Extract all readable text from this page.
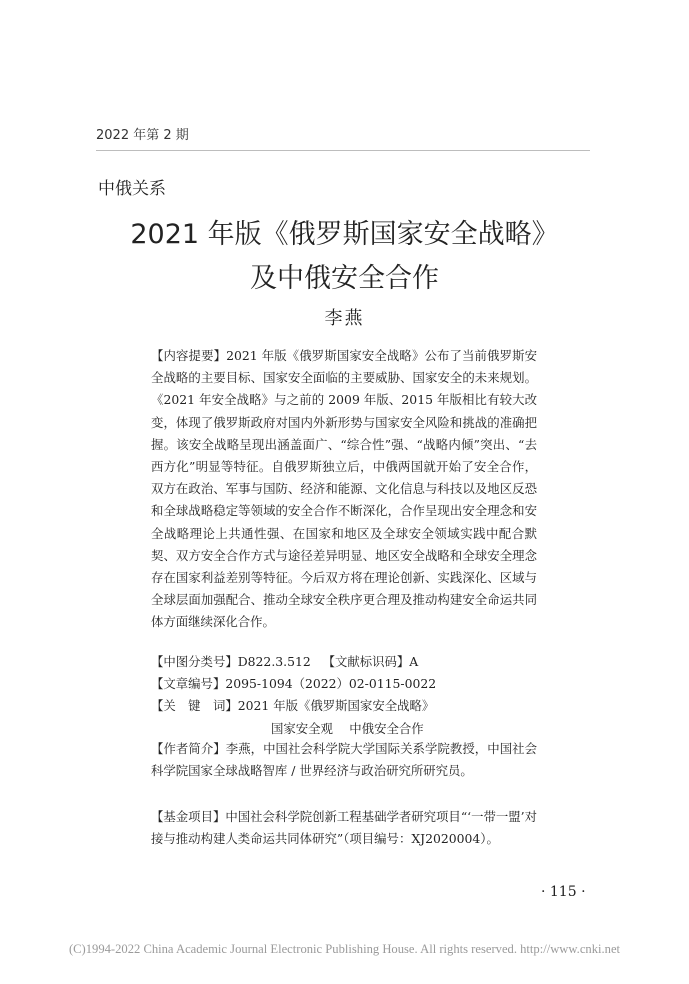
2022 年第 2 期
中俄关系
2021 年版《俄罗斯国家安全战略》
及中俄安全合作
李燕

【内容提要】2021 年版《俄罗斯国家安全战略》公布了当前俄罗斯安全战略的主要目标、国家安全面临的主要威胁、国家安全的未来规划。《2021 年安全战略》与之前的 2009 年版、2015 年版相比有较大改变，体现了俄罗斯政府对国内外新形势与国家安全风险和挑战的准确把握。该安全战略呈现出涵盖面广、“综合性”强、“战略内倾”突出、“去西方化”明显等特征。自俄罗斯独立后，中俄两国就开始了安全合作，双方在政治、军事与国防、经济和能源、文化信息与科技以及地区反恐和全球战略稳定等领域的安全合作不断深化，合作呈现出安全理念和安全战略理论上共通性强、在国家和地区及全球安全领域实践中配合默契、双方安全合作方式与途径差异明显、地区安全战略和全球安全理念存在国家利益差别等特征。今后双方将在理论创新、实践深化、区域与全球层面加强配合、推动全球安全秩序更合理及推动构建安全命运共同体方面继续深化合作。

【中图分类号】D822.3.512 【文献标识码】A
【文章编号】2095-1094（2022）02-0115-0022
【关　键　词】2021 年版《俄罗斯国家安全战略》
国家安全观　 中俄安全合作

【作者简介】李燕，中国社会科学院大学国际关系学院教授，中国社会科学院国家全球战略智库 / 世界经济与政治研究所研究员。

【基金项目】中国社会科学院创新工程基础学者研究项目“‘一带一盟’对接与推动构建人类命运共同体研究”（项目编号：XJ2020004）。

· 115 ·
(C)1994-2022 China Academic Journal Electronic Publishing House. All rights reserved. http://www.cnki.net
